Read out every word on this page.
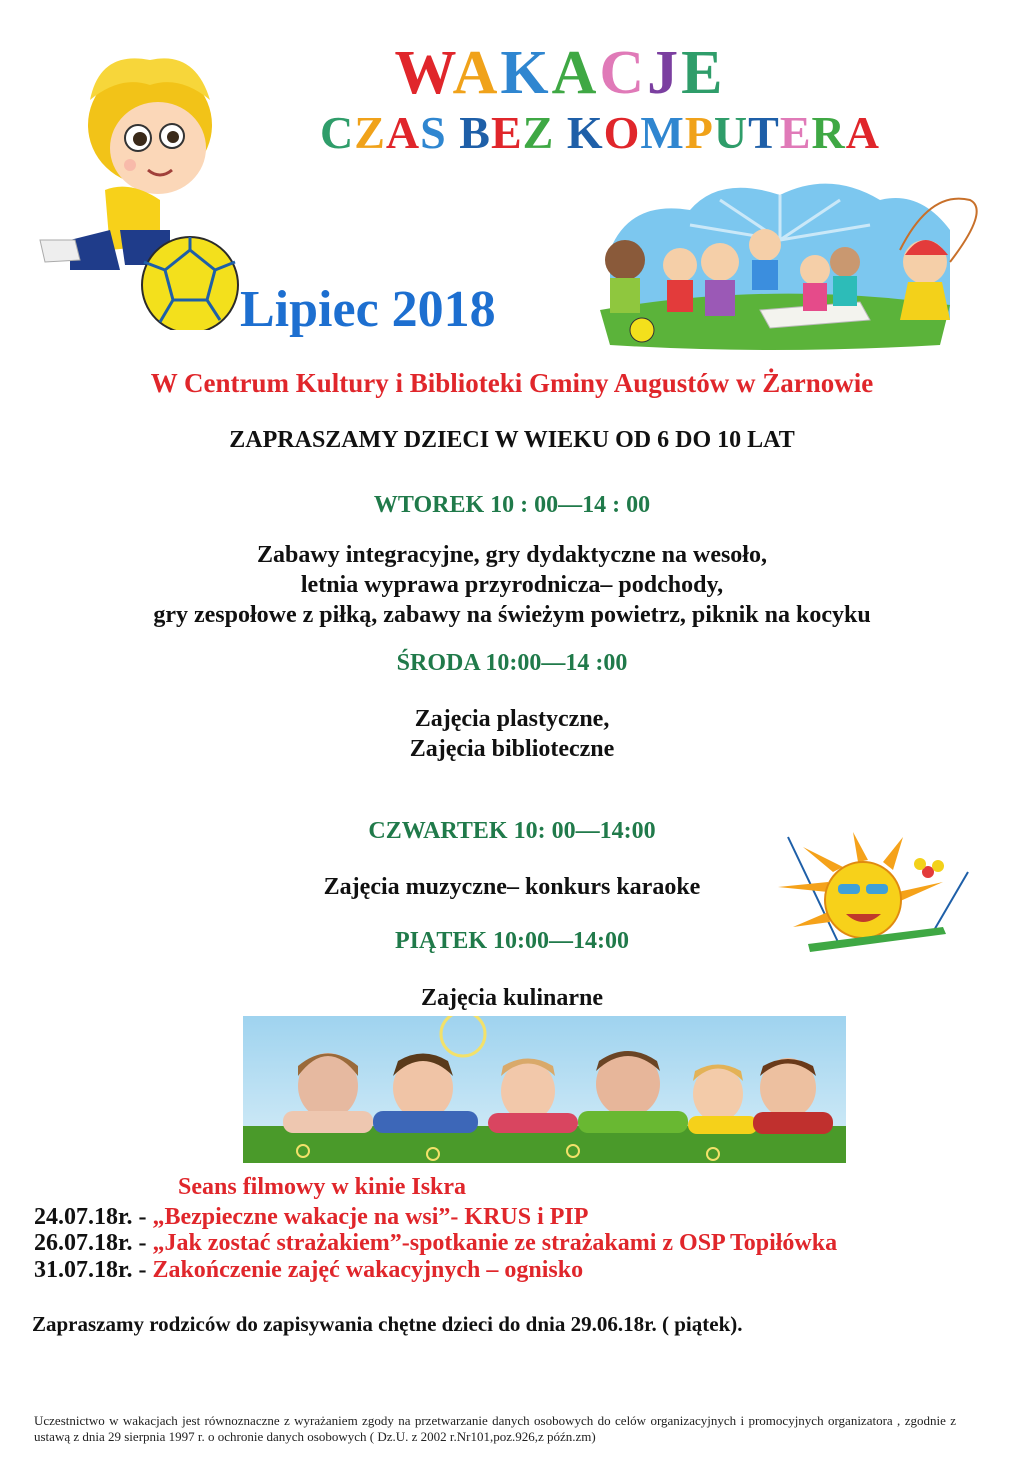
WAKACJE
CZAS BEZ KOMPUTERA
Lipiec 2018
W Centrum Kultury i Biblioteki Gminy Augustów w Żarnowie
ZAPRASZAMY DZIECI W WIEKU OD 6 DO 10 LAT
WTOREK 10 : 00—14 : 00
Zabawy integracyjne, gry dydaktyczne na wesoło,
letnia wyprawa przyrodnicza– podchody,
gry zespołowe z piłką, zabawy na świeżym powietrz, piknik na kocyku
ŚRODA 10:00—14 :00
Zajęcia plastyczne,
Zajęcia biblioteczne
CZWARTEK 10: 00—14:00
Zajęcia muzyczne– konkurs karaoke
PIĄTEK 10:00—14:00
Zajęcia kulinarne
Seans filmowy w kinie Iskra
24.07.18r. - „Bezpieczne wakacje na wsi”- KRUS i PIP
26.07.18r. - „Jak zostać strażakiem”-spotkanie ze strażakami z OSP Topiłówka
31.07.18r. - Zakończenie zajęć wakacyjnych – ognisko
Zapraszamy rodziców do zapisywania chętne dzieci do dnia 29.06.18r. ( piątek).
Uczestnictwo w wakacjach jest równoznaczne z wyrażaniem zgody na przetwarzanie danych osobowych do celów organizacyjnych i promocyjnych organizatora , zgodnie z ustawą z dnia 29 sierpnia 1997 r. o ochronie danych osobowych ( Dz.U. z 2002 r.Nr101,poz.926,z późn.zm)
